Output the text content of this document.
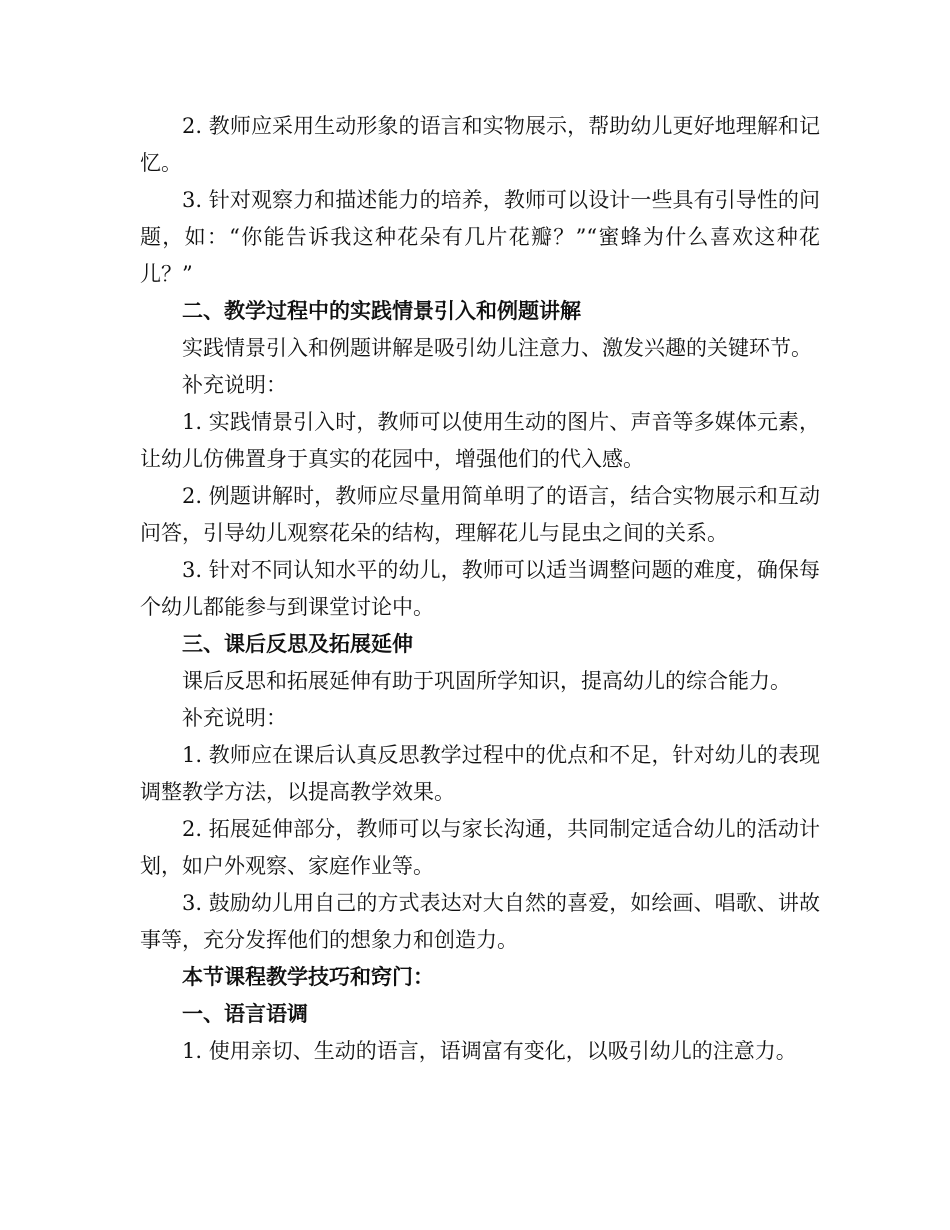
2. 教师应采用生动形象的语言和实物展示，帮助幼儿更好地理解和记忆。

3. 针对观察力和描述能力的培养，教师可以设计一些具有引导性的问题，如：“你能告诉我这种花朵有几片花瓣？”“蜜蜂为什么喜欢这种花儿？”

二、教学过程中的实践情景引入和例题讲解

实践情景引入和例题讲解是吸引幼儿注意力、激发兴趣的关键环节。

补充说明：

1. 实践情景引入时，教师可以使用生动的图片、声音等多媒体元素，让幼儿仿佛置身于真实的花园中，增强他们的代入感。

2. 例题讲解时，教师应尽量用简单明了的语言，结合实物展示和互动问答，引导幼儿观察花朵的结构，理解花儿与昆虫之间的关系。

3. 针对不同认知水平的幼儿，教师可以适当调整问题的难度，确保每个幼儿都能参与到课堂讨论中。

三、课后反思及拓展延伸

课后反思和拓展延伸有助于巩固所学知识，提高幼儿的综合能力。

补充说明：

1. 教师应在课后认真反思教学过程中的优点和不足，针对幼儿的表现调整教学方法，以提高教学效果。

2. 拓展延伸部分，教师可以与家长沟通，共同制定适合幼儿的活动计划，如户外观察、家庭作业等。

3. 鼓励幼儿用自己的方式表达对大自然的喜爱，如绘画、唱歌、讲故事等，充分发挥他们的想象力和创造力。

本节课程教学技巧和窍门：

一、语言语调

1. 使用亲切、生动的语言，语调富有变化，以吸引幼儿的注意力。
